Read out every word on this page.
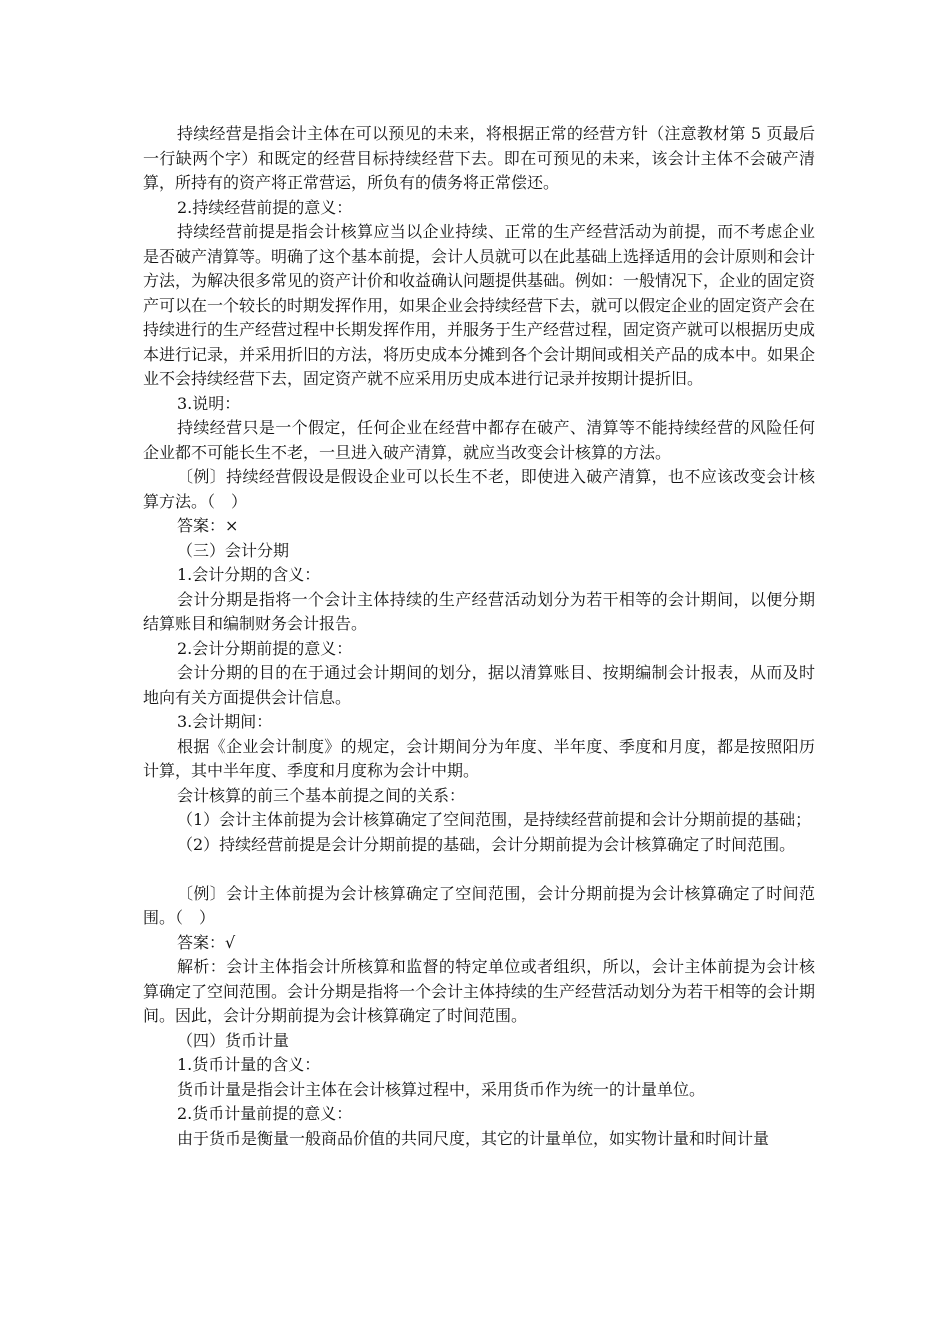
持续经营是指会计主体在可以预见的未来，将根据正常的经营方针（注意教材第 5 页最后一行缺两个字）和既定的经营目标持续经营下去。即在可预见的未来，该会计主体不会破产清算，所持有的资产将正常营运，所负有的债务将正常偿还。

2.持续经营前提的意义：

持续经营前提是指会计核算应当以企业持续、正常的生产经营活动为前提，而不考虑企业是否破产清算等。明确了这个基本前提，会计人员就可以在此基础上选择适用的会计原则和会计方法，为解决很多常见的资产计价和收益确认问题提供基础。例如：一般情况下，企业的固定资产可以在一个较长的时期发挥作用，如果企业会持续经营下去，就可以假定企业的固定资产会在持续进行的生产经营过程中长期发挥作用，并服务于生产经营过程，固定资产就可以根据历史成本进行记录，并采用折旧的方法，将历史成本分摊到各个会计期间或相关产品的成本中。如果企业不会持续经营下去，固定资产就不应采用历史成本进行记录并按期计提折旧。

3.说明：

持续经营只是一个假定，任何企业在经营中都存在破产、清算等不能持续经营的风险任何企业都不可能长生不老，一旦进入破产清算，就应当改变会计核算的方法。

〔例〕持续经营假设是假设企业可以长生不老，即使进入破产清算，也不应该改变会计核算方法。（　）

答案：×

（三）会计分期

1.会计分期的含义：

会计分期是指将一个会计主体持续的生产经营活动划分为若干相等的会计期间，以便分期结算账目和编制财务会计报告。

2.会计分期前提的意义：

会计分期的目的在于通过会计期间的划分，据以清算账目、按期编制会计报表，从而及时地向有关方面提供会计信息。

3.会计期间：

根据《企业会计制度》的规定，会计期间分为年度、半年度、季度和月度，都是按照阳历计算，其中半年度、季度和月度称为会计中期。

会计核算的前三个基本前提之间的关系：

（1）会计主体前提为会计核算确定了空间范围，是持续经营前提和会计分期前提的基础；

（2）持续经营前提是会计分期前提的基础，会计分期前提为会计核算确定了时间范围。

〔例〕会计主体前提为会计核算确定了空间范围，会计分期前提为会计核算确定了时间范围。（　）

答案：√

解析：会计主体指会计所核算和监督的特定单位或者组织，所以，会计主体前提为会计核算确定了空间范围。会计分期是指将一个会计主体持续的生产经营活动划分为若干相等的会计期间。因此，会计分期前提为会计核算确定了时间范围。

（四）货币计量

1.货币计量的含义：

货币计量是指会计主体在会计核算过程中，采用货币作为统一的计量单位。

2.货币计量前提的意义：

由于货币是衡量一般商品价值的共同尺度，其它的计量单位，如实物计量和时间计量
